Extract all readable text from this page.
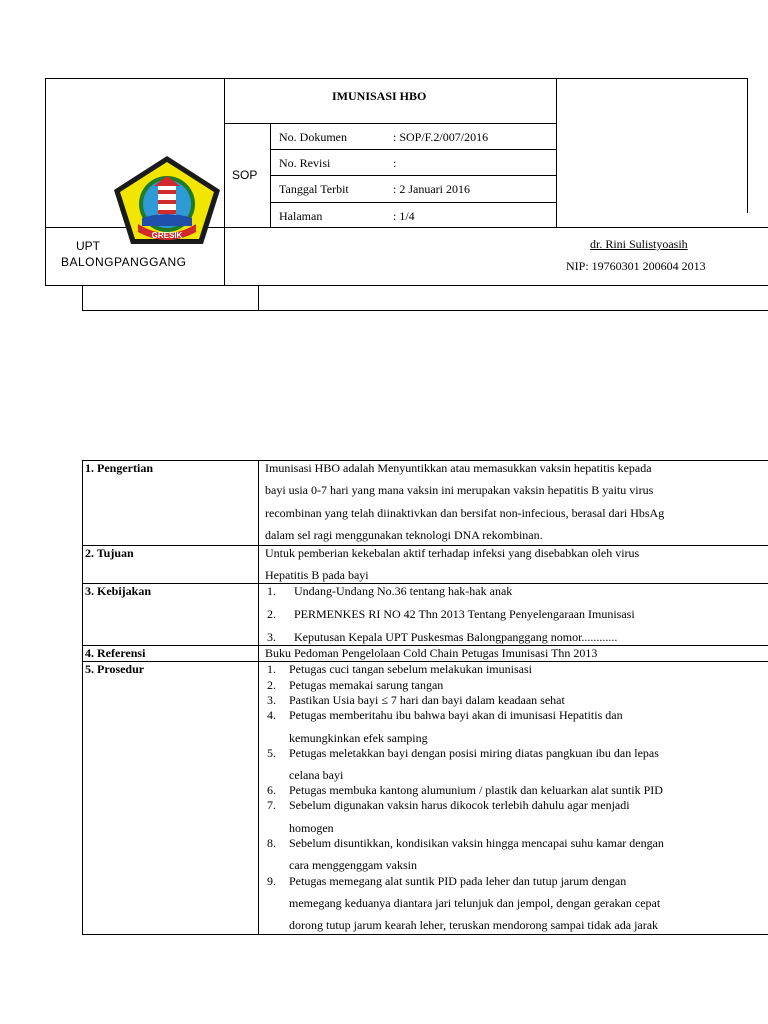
GRESIK
IMUNISASI HBO
SOP
No. Dokumen	: SOP/F.2/007/2016
No. Revisi	:
Tanggal Terbit	: 2 Januari 2016
Halaman	: 1/4
UPT
BALONGPANGGANG
dr. Rini Sulistyoasih
NIP: 19760301 200604 2013
1. Pengertian	Imunisasi HBO adalah Menyuntikkan atau memasukkan vaksin hepatitis kepada
bayi usia 0-7 hari yang mana vaksin ini merupakan vaksin hepatitis B yaitu virus
recombinan yang telah diinaktivkan dan bersifat non-infecious, berasal dari HbsAg
dalam sel ragi menggunakan teknologi DNA rekombinan.
2. Tujuan	Untuk pemberian kekebalan aktif terhadap infeksi yang disebabkan oleh virus
Hepatitis B pada bayi
3. Kebijakan	1. Undang-Undang No.36 tentang hak-hak anak
2. PERMENKES RI NO 42 Thn 2013 Tentang Penyelengaraan Imunisasi
3. Keputusan Kepala UPT Puskesmas Balongpanggang nomor............
4. Referensi	Buku Pedoman Pengelolaan Cold Chain Petugas Imunisasi Thn 2013
5. Prosedur	1. Petugas cuci tangan sebelum melakukan imunisasi
2. Petugas memakai sarung tangan
3. Pastikan Usia bayi ≤ 7 hari dan bayi dalam keadaan sehat
4. Petugas memberitahu ibu bahwa bayi akan di imunisasi Hepatitis dan
kemungkinkan efek samping
5. Petugas meletakkan bayi dengan posisi miring diatas pangkuan ibu dan lepas
celana bayi
6. Petugas membuka kantong alumunium / plastik dan keluarkan alat suntik PID
7. Sebelum digunakan vaksin harus dikocok terlebih dahulu agar menjadi
homogen
8. Sebelum disuntikkan, kondisikan vaksin hingga mencapai suhu kamar dengan
cara menggenggam vaksin
9. Petugas memegang alat suntik PID pada leher dan tutup jarum dengan
memegang keduanya diantara jari telunjuk dan jempol, dengan gerakan cepat
dorong tutup jarum kearah leher, teruskan mendorong sampai tidak ada jarak
